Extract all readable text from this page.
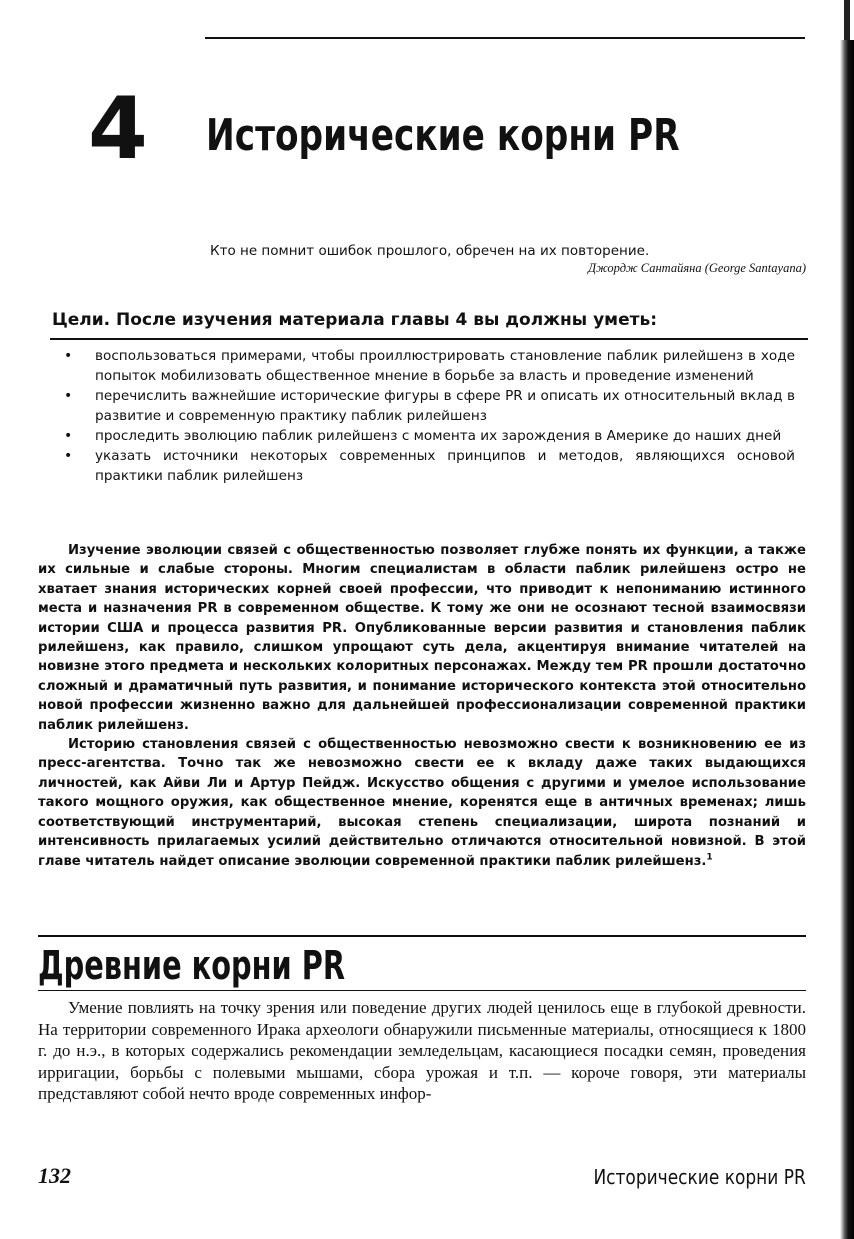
4 Исторические корни PR
Кто не помнит ошибок прошлого, обречен на их повторение.
Джордж Сантайяна (George Santayana)
Цели. После изучения материала главы 4 вы должны уметь:
• воспользоваться примерами, чтобы проиллюстрировать становление паблик рилейшенз в ходе попыток мобилизовать общественное мнение в борьбе за власть и проведение изменений
• перечислить важнейшие исторические фигуры в сфере PR и описать их относительный вклад в развитие и современную практику паблик рилейшенз
• проследить эволюцию паблик рилейшенз с момента их зарождения в Америке до наших дней
• указать источники некоторых современных принципов и методов, являющихся основой практики паблик рилейшенз

Изучение эволюции связей с общественностью позволяет глубже понять их функции, а также их сильные и слабые стороны. Многим специалистам в области паблик рилейшенз остро не хватает знания исторических корней своей профессии, что приводит к непониманию истинного места и назначения PR в современном обществе. К тому же они не осознают тесной взаимосвязи истории США и процесса развития PR. Опубликованные версии развития и становления паблик рилейшенз, как правило, слишком упрощают суть дела, акцентируя внимание читателей на новизне этого предмета и нескольких колоритных персонажах. Между тем PR прошли достаточно сложный и драматичный путь развития, и понимание исторического контекста этой относительно новой профессии жизненно важно для дальнейшей профессионализации современной практики паблик рилейшенз.

Историю становления связей с общественностью невозможно свести к возникновению ее из пресс-агентства. Точно так же невозможно свести ее к вкладу даже таких выдающихся личностей, как Айви Ли и Артур Пейдж. Искусство общения с другими и умелое использование такого мощного оружия, как общественное мнение, коренятся еще в античных временах; лишь соответствующий инструментарий, высокая степень специализации, широта познаний и интенсивность прилагаемых усилий действительно отличаются относительной новизной. В этой главе читатель найдет описание эволюции современной практики паблик рилейшенз.$^1$

Древние корни PR

Умение повлиять на точку зрения или поведение других людей ценилось еще в глубокой древности. На территории современного Ирака археологи обнаружили письменные материалы, относящиеся к 1800 г. до н.э., в которых содержались рекомендации земледельцам, касающиеся посадки семян, проведения ирригации, борьбы с полевыми мышами, сбора урожая и т.п. — короче говоря, эти материалы представляют собой нечто вроде современных инфор-

132	Исторические корни PR
